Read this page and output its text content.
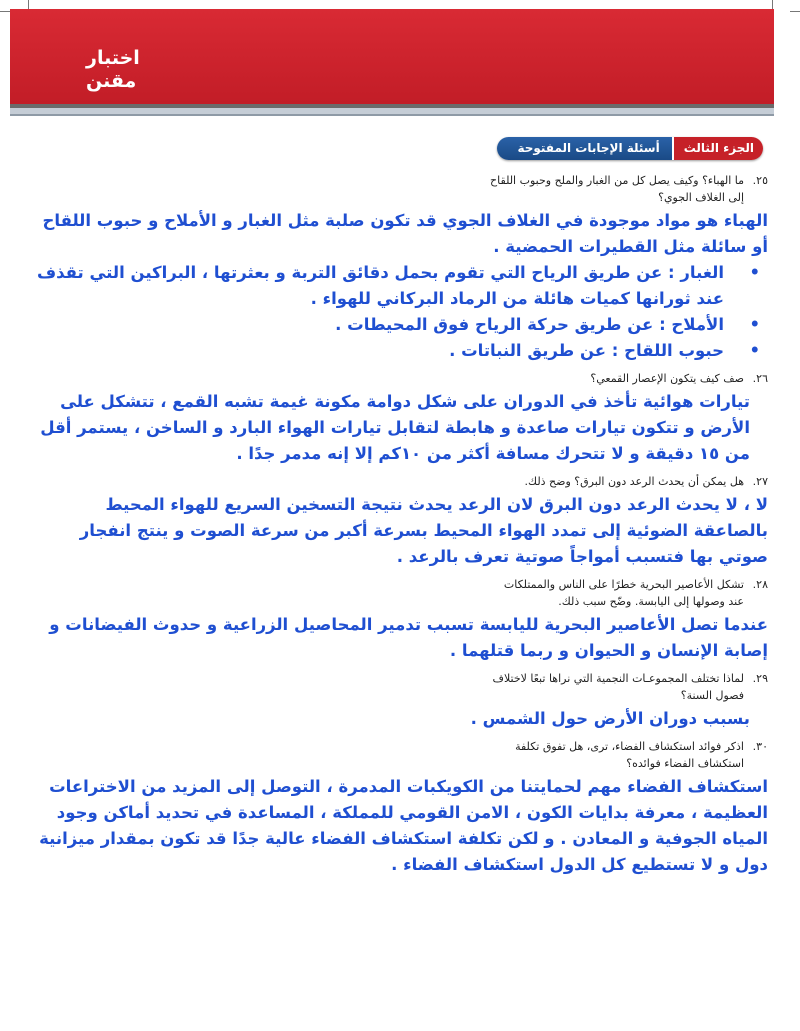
اختبار
مقنن
الجزء الثالث
أسئلة الإجابات المفتوحة
٢٥.
ما الهباء؟ وكيف يصل كل من الغبار والملح وحبوب اللقاح إلى الغلاف الجوي؟
الهباء هو مواد موجودة في الغلاف الجوي قد تكون صلبة مثل الغبار و الأملاح و حبوب اللقاح أو سائلة مثل القطيرات الحمضية .
• الغبار : عن طريق الرياح التي تقوم بحمل دقائق التربة و بعثرتها ، البراكين التي تقذف عند ثورانها كميات هائلة من الرماد البركاني للهواء .
• الأملاح : عن طريق حركة الرياح فوق المحيطات .
• حبوب اللقاح : عن طريق النباتات .
٢٦.
صف كيف يتكون الإعصار القمعي؟
تيارات هوائية تأخذ في الدوران على شكل دوامة مكونة غيمة تشبه القمع ، تتشكل على الأرض و تتكون تيارات صاعدة و هابطة لتقابل تيارات الهواء البارد و الساخن ، يستمر أقل من ١٥ دقيقة و لا تتحرك مسافة أكثر من ١٠كم إلا إنه مدمر جدًا .
٢٧.
هل يمكن أن يحدث الرعد دون البرق؟ وضح ذلك.
لا ، لا يحدث الرعد دون البرق لان الرعد يحدث نتيجة التسخين السريع للهواء المحيط بالصاعقة الضوئية إلى تمدد الهواء المحيط بسرعة أكبر من سرعة الصوت و ينتج انفجار صوتي بها فتسبب أمواجاً صوتية تعرف بالرعد .
٢٨.
تشكل الأعاصير البحرية خطرًا على الناس والممتلكات عند وصولها إلى اليابسة. وضّح سبب ذلك.
عندما تصل الأعاصير البحرية لليابسة تسبب تدمير المحاصيل الزراعية و حدوث الفيضانات و إصابة الإنسان و الحيوان و ربما قتلهما .
٢٩.
لماذا تختلف المجموعـات النجمية التي نراها تبعًا لاختلاف فصول السنة؟
بسبب دوران الأرض حول الشمس .
٣٠.
اذكر فوائد استكشاف الفضاء، ترى، هل تفوق تكلفة استكشاف الفضاء فوائده؟
استكشاف الفضاء مهم لحمايتنا من الكويكبات المدمرة ، التوصل إلى المزيد من الاختراعات العظيمة ، معرفة بدايات الكون ، الامن القومي للمملكة ، المساعدة في تحديد أماكن وجود المياه الجوفية و المعادن . و لكن تكلفة استكشاف الفضاء عالية جدًا قد تكون بمقدار ميزانية دول و لا تستطيع كل الدول استكشاف الفضاء .
